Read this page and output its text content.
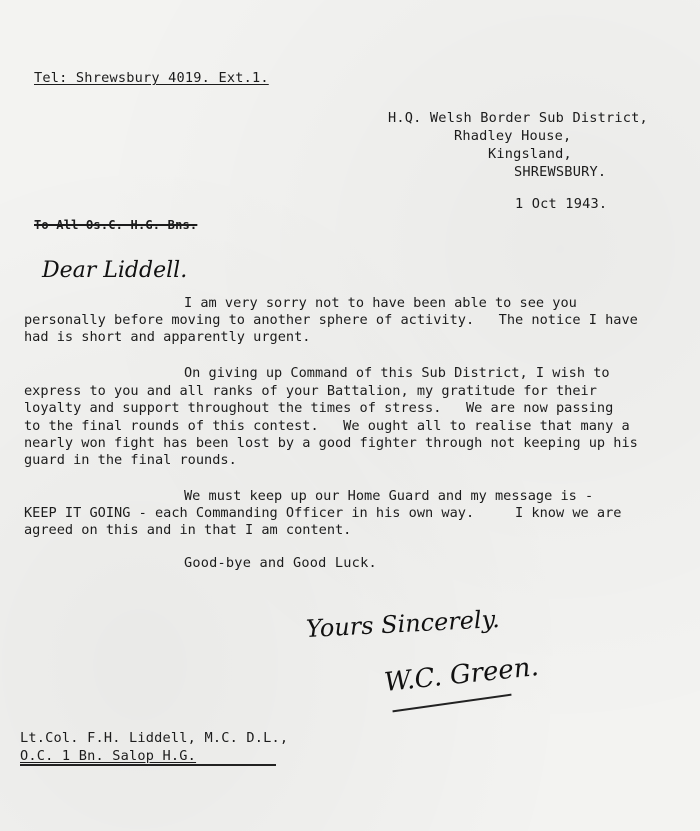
Tel: Shrewsbury 4019. Ext.1.
H.Q. Welsh Border Sub District,
Rhadley House,
Kingsland,
SHREWSBURY.
1 Oct 1943.
To All Os.C. H.G. Bns.
Dear Liddell.
I am very sorry not to have been able to see you
personally before moving to another sphere of activity.   The notice I have
had is short and apparently urgent.
On giving up Command of this Sub District, I wish to
express to you and all ranks of your Battalion, my gratitude for their
loyalty and support throughout the times of stress.   We are now passing
to the final rounds of this contest.   We ought all to realise that many a
nearly won fight has been lost by a good fighter through not keeping up his
guard in the final rounds.
We must keep up our Home Guard and my message is -
KEEP IT GOING - each Commanding Officer in his own way.     I know we are
agreed on this and in that I am content.
Good-bye and Good Luck.
Yours Sincerely.
W.C. Green.
Lt.Col. F.H. Liddell, M.C. D.L.,
O.C. 1 Bn. Salop H.G.
